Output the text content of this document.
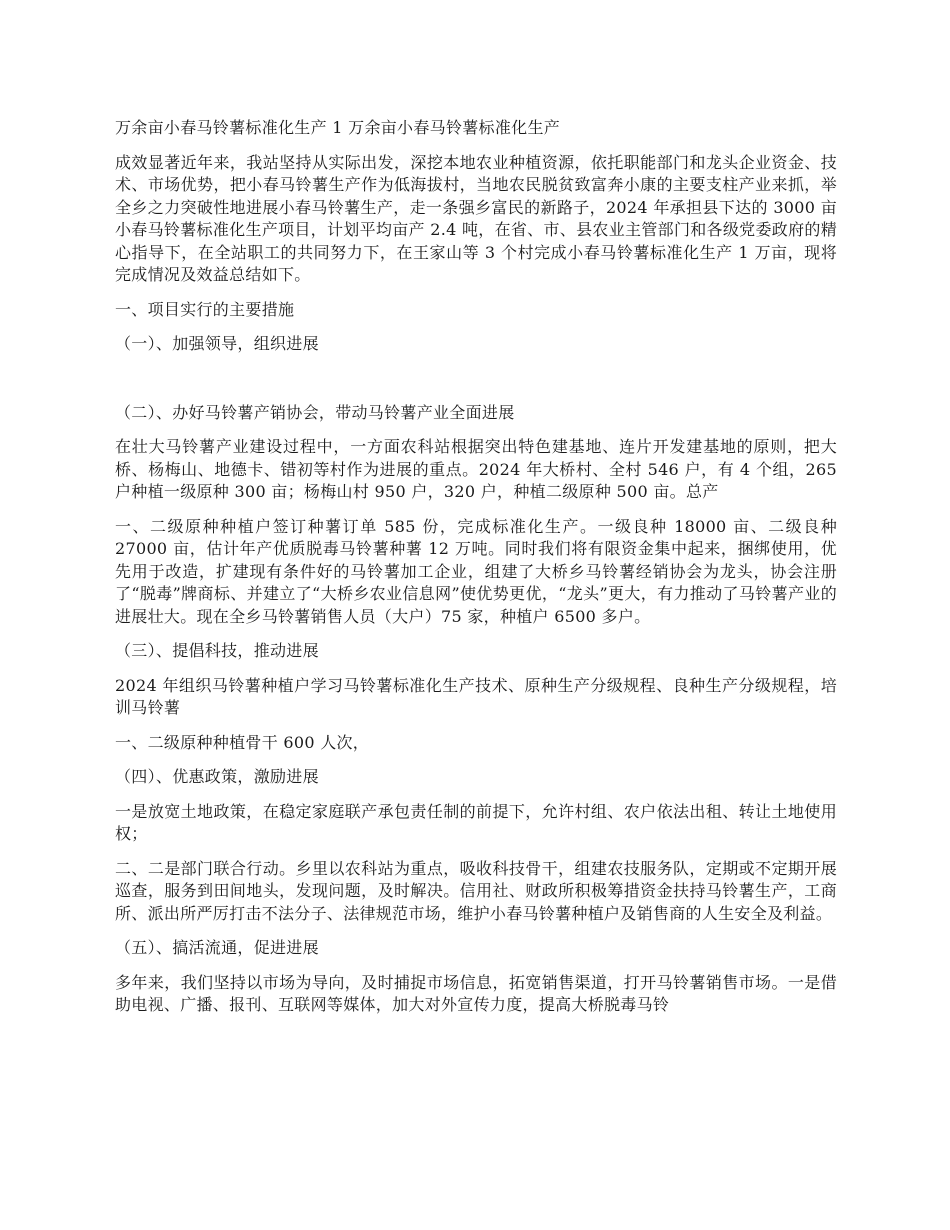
万余亩小春马铃薯标准化生产 1 万余亩小春马铃薯标准化生产

成效显著近年来，我站坚持从实际出发，深挖本地农业种植资源，依托职能部门和龙头企业资金、技术、市场优势，把小春马铃薯生产作为低海拔村，当地农民脱贫致富奔小康的主要支柱产业来抓，举全乡之力突破性地进展小春马铃薯生产，走一条强乡富民的新路子，2024 年承担县下达的 3000 亩小春马铃薯标准化生产项目，计划平均亩产 2.4 吨，在省、市、县农业主管部门和各级党委政府的精心指导下，在全站职工的共同努力下，在王家山等 3 个村完成小春马铃薯标准化生产 1 万亩，现将完成情况及效益总结如下。

一、项目实行的主要措施

（一）、加强领导，组织进展

（二）、办好马铃薯产销协会，带动马铃薯产业全面进展

在壮大马铃薯产业建设过程中，一方面农科站根据突出特色建基地、连片开发建基地的原则，把大桥、杨梅山、地德卡、错初等村作为进展的重点。2024 年大桥村、全村 546 户，有 4 个组，265 户种植一级原种 300 亩；杨梅山村 950 户，320 户，种植二级原种 500 亩。总产

一、二级原种种植户签订种薯订单 585 份，完成标准化生产。一级良种 18000 亩、二级良种 27000 亩，估计年产优质脱毒马铃薯种薯 12 万吨。同时我们将有限资金集中起来，捆绑使用，优先用于改造，扩建现有条件好的马铃薯加工企业，组建了大桥乡马铃薯经销协会为龙头，协会注册了“脱毒”牌商标、并建立了“大桥乡农业信息网”使优势更优，“龙头”更大，有力推动了马铃薯产业的进展壮大。现在全乡马铃薯销售人员（大户）75 家，种植户 6500 多户。

（三）、提倡科技，推动进展

2024 年组织马铃薯种植户学习马铃薯标准化生产技术、原种生产分级规程、良种生产分级规程，培训马铃薯

一、二级原种种植骨干 600 人次，

（四）、优惠政策，激励进展

一是放宽土地政策，在稳定家庭联产承包责任制的前提下，允许村组、农户依法出租、转让土地使用权；

二、二是部门联合行动。乡里以农科站为重点，吸收科技骨干，组建农技服务队，定期或不定期开展巡查，服务到田间地头，发现问题，及时解决。信用社、财政所积极筹措资金扶持马铃薯生产，工商所、派出所严厉打击不法分子、法律规范市场，维护小春马铃薯种植户及销售商的人生安全及利益。

（五）、搞活流通，促进进展

多年来，我们坚持以市场为导向，及时捕捉市场信息，拓宽销售渠道，打开马铃薯销售市场。一是借助电视、广播、报刊、互联网等媒体，加大对外宣传力度，提高大桥脱毒马铃
